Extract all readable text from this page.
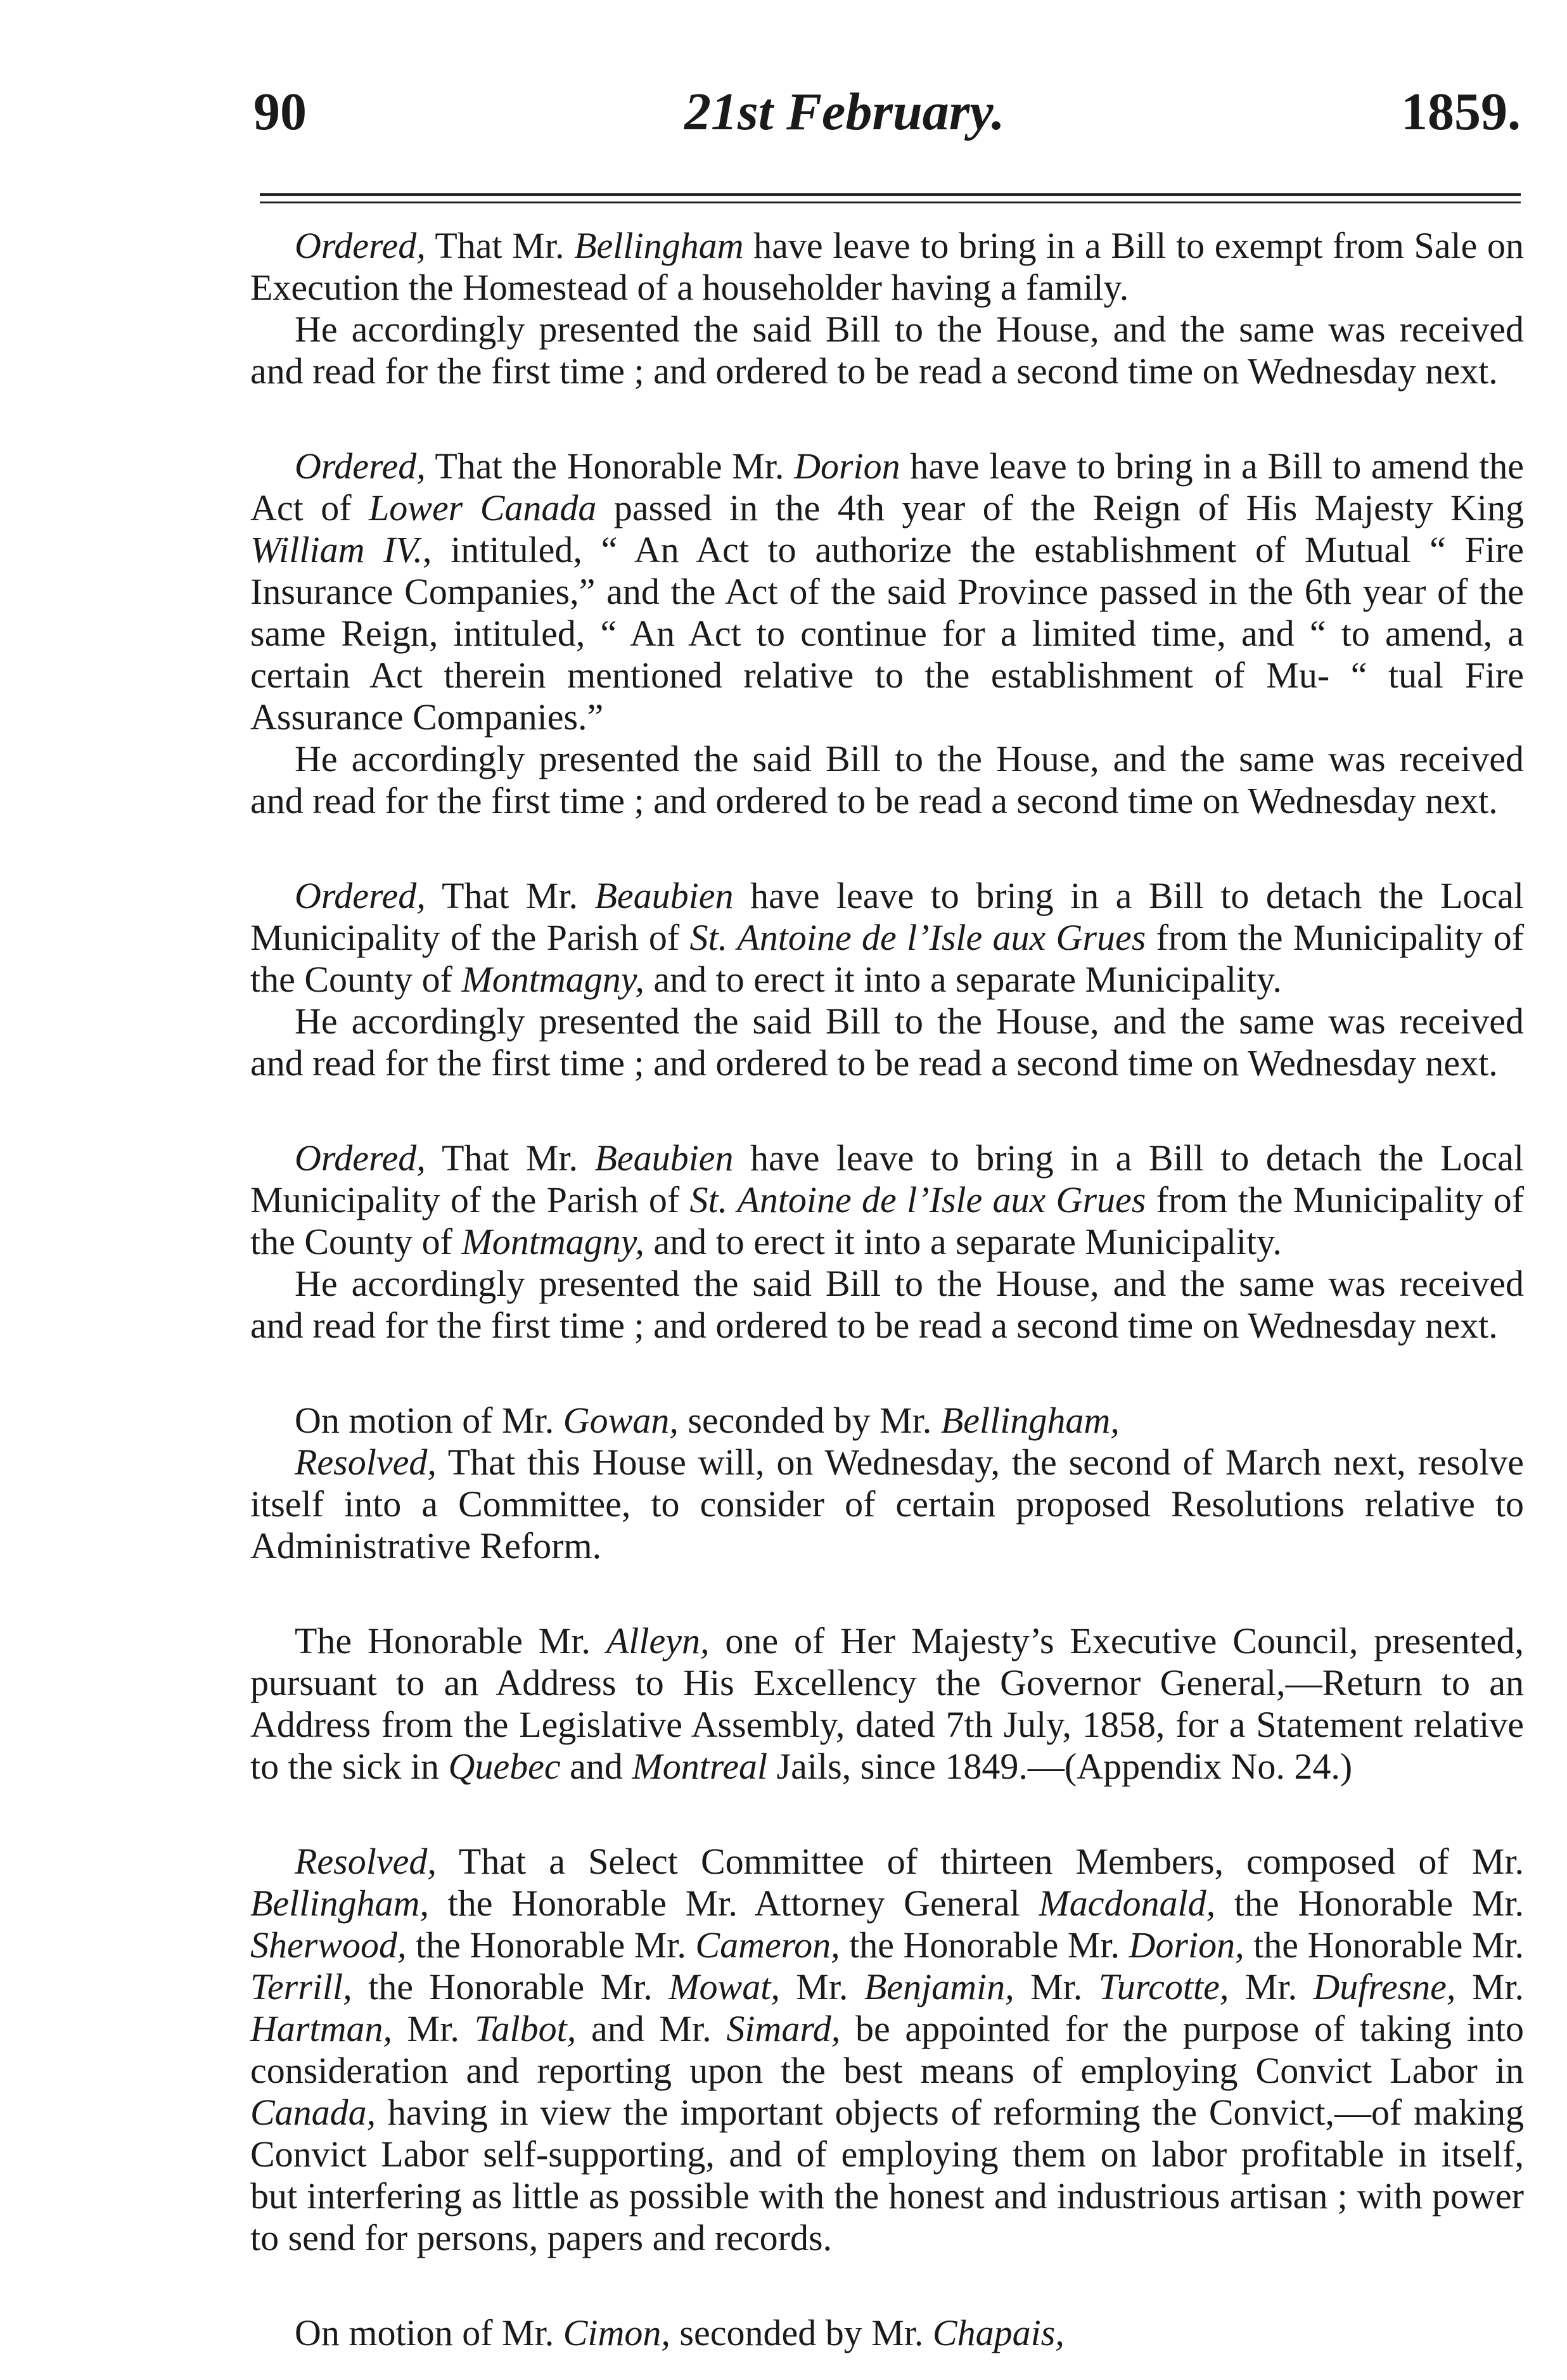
90	21st February.	1859.

Ordered, That Mr. Bellingham have leave to bring in a Bill to exempt from Sale on Execution the Homestead of a householder having a family.

He accordingly presented the said Bill to the House, and the same was received and read for the first time ; and ordered to be read a second time on Wednesday next.

Ordered, That the Honorable Mr. Dorion have leave to bring in a Bill to amend the Act of Lower Canada passed in the 4th year of the Reign of His Majesty King William IV., intituled, “ An Act to authorize the establishment of Mutual “ Fire Insurance Companies,” and the Act of the said Province passed in the 6th year of the same Reign, intituled, “ An Act to continue for a limited time, and “ to amend, a certain Act therein mentioned relative to the establishment of Mu- “ tual Fire Assurance Companies.”

He accordingly presented the said Bill to the House, and the same was received and read for the first time ; and ordered to be read a second time on Wednesday next.

Ordered, That Mr. Beaubien have leave to bring in a Bill to detach the Local Municipality of the Parish of St. Antoine de l’Isle aux Grues from the Municipality of the County of Montmagny, and to erect it into a separate Municipality.

He accordingly presented the said Bill to the House, and the same was received and read for the first time ; and ordered to be read a second time on Wednesday next.

Ordered, That Mr. Beaubien have leave to bring in a Bill to detach the Local Municipality of the Parish of St. Antoine de l’Isle aux Grues from the Municipality of the County of Montmagny, and to erect it into a separate Municipality.

He accordingly presented the said Bill to the House, and the same was received and read for the first time ; and ordered to be read a second time on Wednesday next.

On motion of Mr. Gowan, seconded by Mr. Bellingham,

Resolved, That this House will, on Wednesday, the second of March next, resolve itself into a Committee, to consider of certain proposed Resolutions relative to Administrative Reform.

The Honorable Mr. Alleyn, one of Her Majesty’s Executive Council, presented, pursuant to an Address to His Excellency the Governor General,—Return to an Address from the Legislative Assembly, dated 7th July, 1858, for a Statement relative to the sick in Quebec and Montreal Jails, since 1849.—(Appendix No. 24.)

Resolved, That a Select Committee of thirteen Members, composed of Mr. Bellingham, the Honorable Mr. Attorney General Macdonald, the Honorable Mr. Sherwood, the Honorable Mr. Cameron, the Honorable Mr. Dorion, the Honorable Mr. Terrill, the Honorable Mr. Mowat, Mr. Benjamin, Mr. Turcotte, Mr. Dufresne, Mr. Hartman, Mr. Talbot, and Mr. Simard, be appointed for the purpose of taking into consideration and reporting upon the best means of employing Convict Labor in Canada, having in view the important objects of reforming the Convict,—of making Convict Labor self-supporting, and of employing them on labor profitable in itself, but interfering as little as possible with the honest and industrious artisan ; with power to send for persons, papers and records.

On motion of Mr. Cimon, seconded by Mr. Chapais,
